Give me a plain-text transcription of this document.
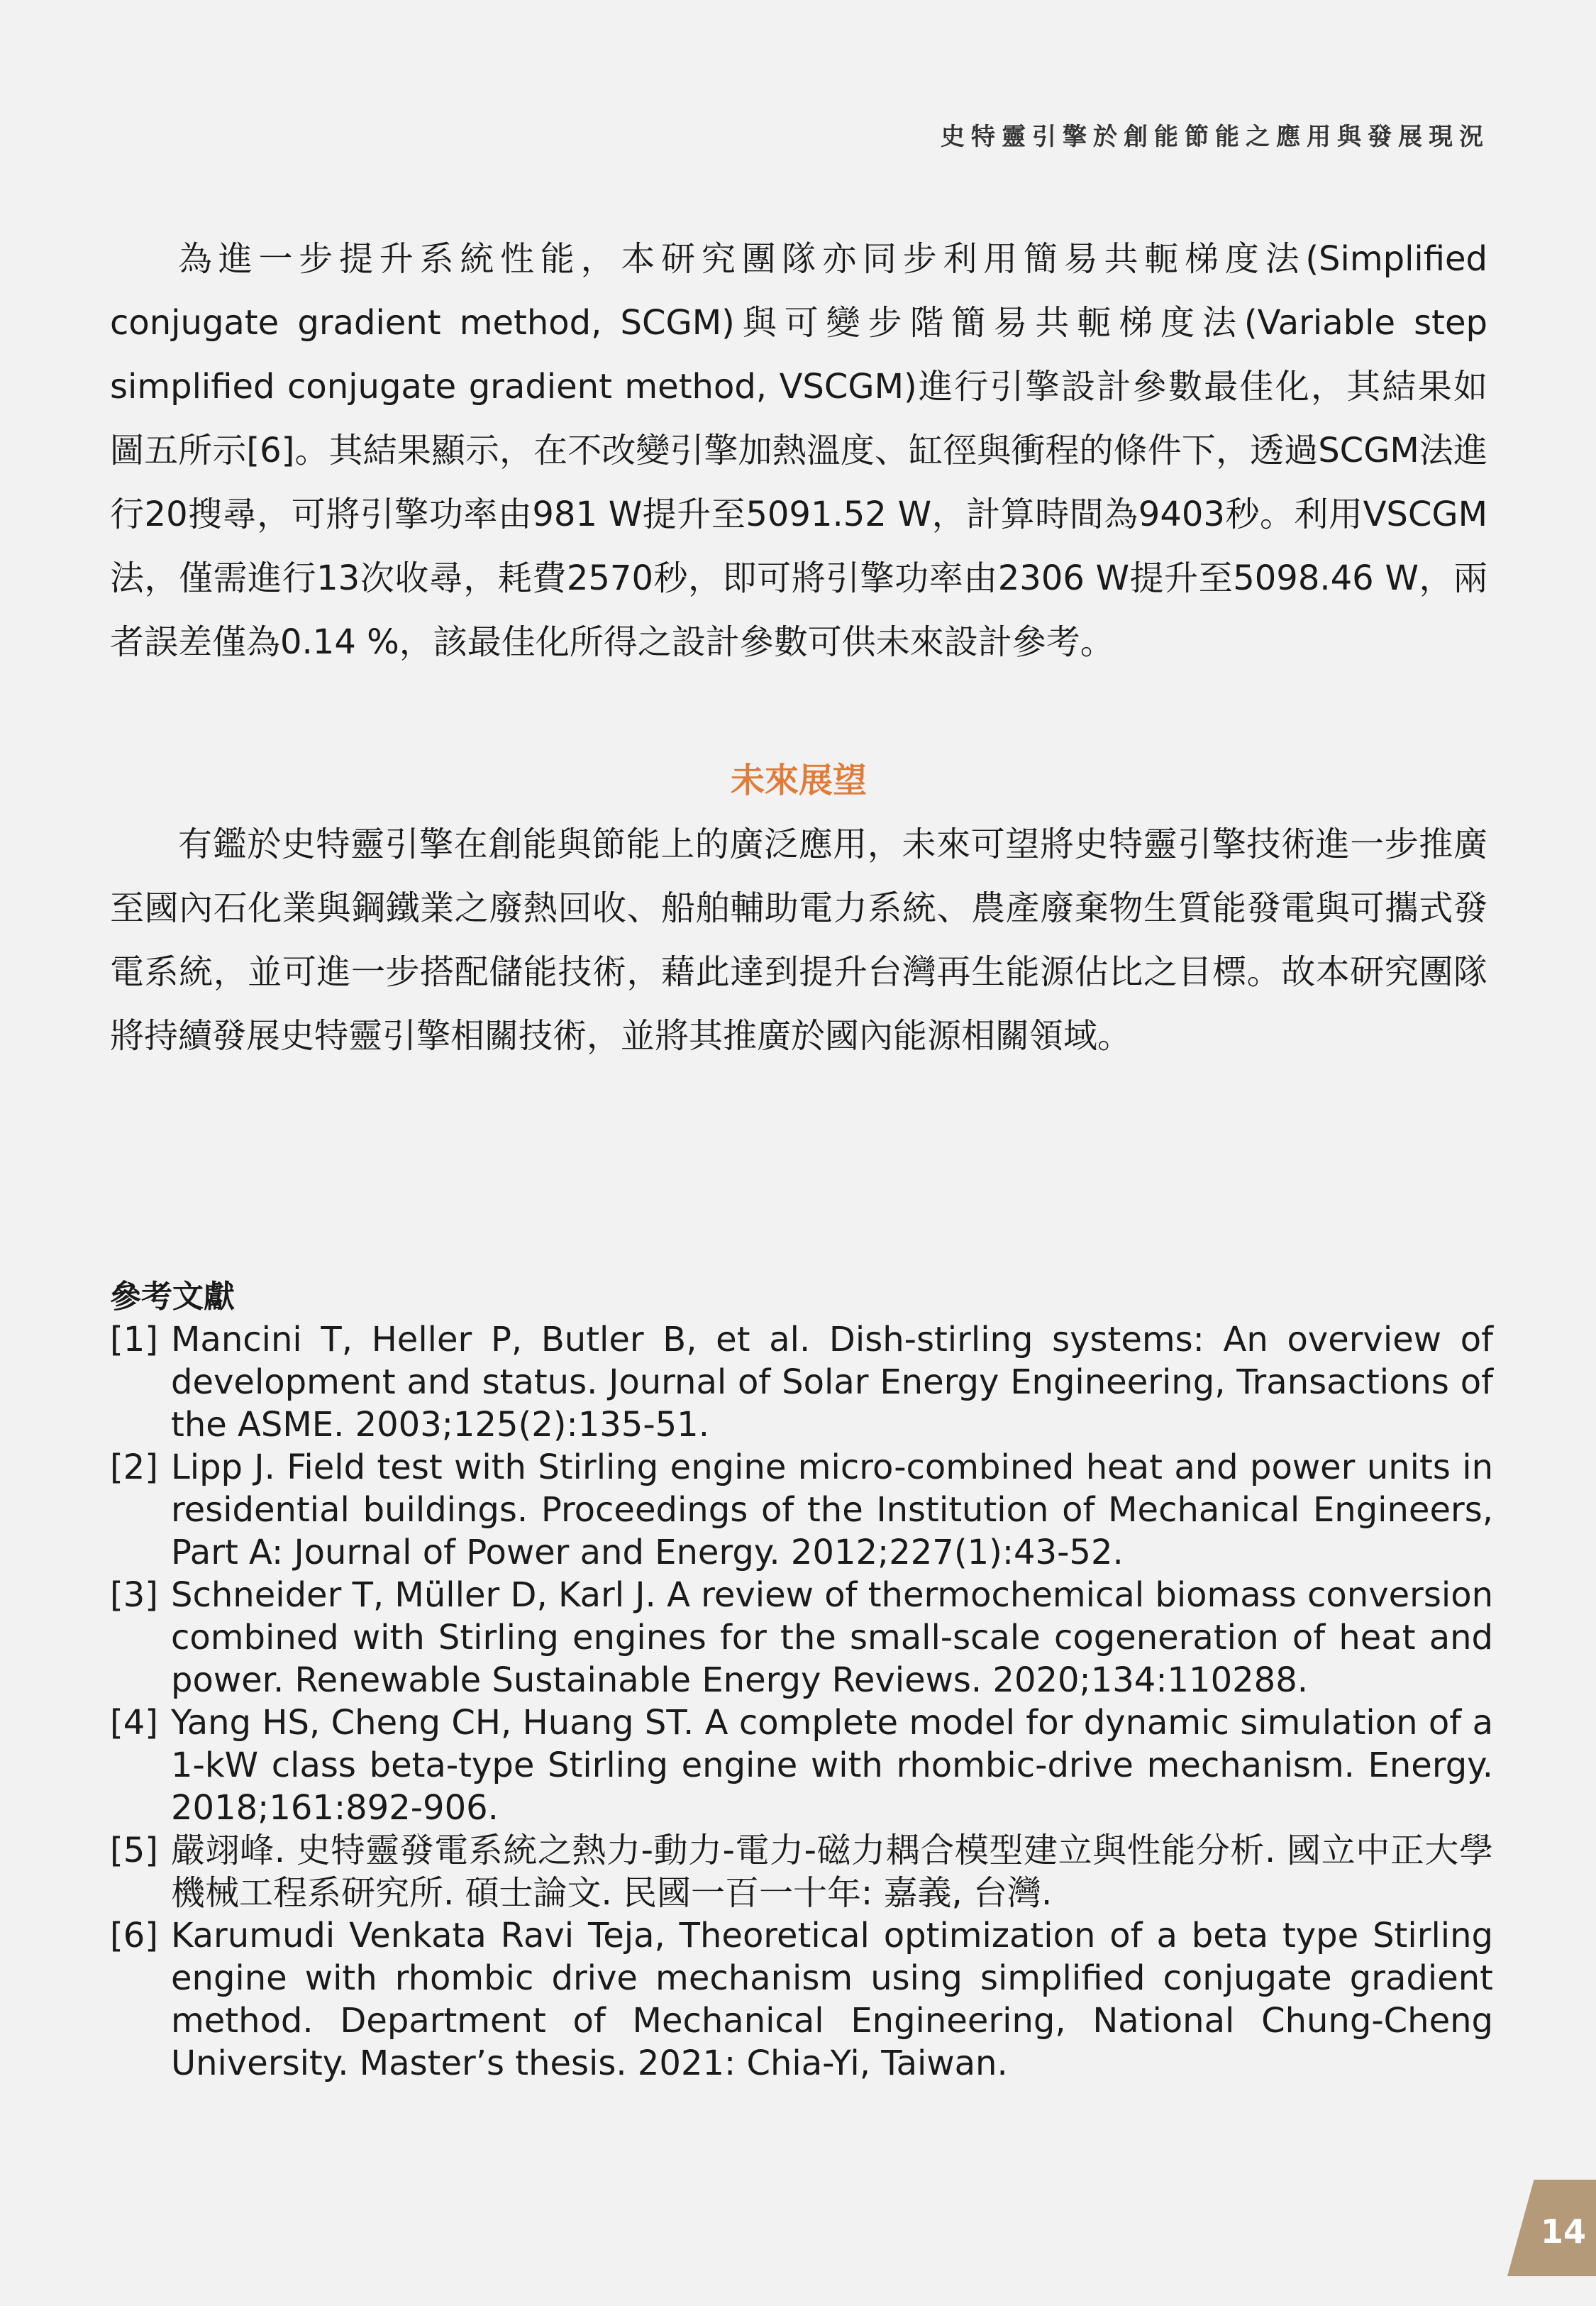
史特靈引擎於創能節能之應用與發展現況

為進一步提升系統性能，本研究團隊亦同步利用簡易共軛梯度法(Simplified conjugate gradient method, SCGM)與可變步階簡易共軛梯度法(Variable step simplified conjugate gradient method, VSCGM)進行引擎設計參數最佳化，其結果如圖五所示[6]。其結果顯示，在不改變引擎加熱溫度、缸徑與衝程的條件下，透過SCGM法進行20搜尋，可將引擎功率由981 W提升至5091.52 W，計算時間為9403秒。利用VSCGM法，僅需進行13次收尋，耗費2570秒，即可將引擎功率由2306 W提升至5098.46 W，兩者誤差僅為0.14 %，該最佳化所得之設計參數可供未來設計參考。

未來展望

有鑑於史特靈引擎在創能與節能上的廣泛應用，未來可望將史特靈引擎技術進一步推廣至國內石化業與鋼鐵業之廢熱回收、船舶輔助電力系統、農產廢棄物生質能發電與可攜式發電系統，並可進一步搭配儲能技術，藉此達到提升台灣再生能源佔比之目標。故本研究團隊將持續發展史特靈引擎相關技術，並將其推廣於國內能源相關領域。

參考文獻
[1] Mancini T, Heller P, Butler B, et al. Dish-stirling systems: An overview of development and status. Journal of Solar Energy Engineering, Transactions of the ASME. 2003;125(2):135-51.
[2] Lipp J. Field test with Stirling engine micro-combined heat and power units in residential buildings. Proceedings of the Institution of Mechanical Engineers, Part A: Journal of Power and Energy. 2012;227(1):43-52.
[3] Schneider T, Müller D, Karl J. A review of thermochemical biomass conversion combined with Stirling engines for the small-scale cogeneration of heat and power. Renewable Sustainable Energy Reviews. 2020;134:110288.
[4] Yang HS, Cheng CH, Huang ST. A complete model for dynamic simulation of a 1-kW class beta-type Stirling engine with rhombic-drive mechanism. Energy. 2018;161:892-906.
[5] 嚴翊峰. 史特靈發電系統之熱力-動力-電力-磁力耦合模型建立與性能分析. 國立中正大學機械工程系研究所. 碩士論文. 民國一百一十年: 嘉義, 台灣.
[6] Karumudi Venkata Ravi Teja, Theoretical optimization of a beta type Stirling engine with rhombic drive mechanism using simplified conjugate gradient method. Department of Mechanical Engineering, National Chung-Cheng University. Master’s thesis. 2021: Chia-Yi, Taiwan.
14
